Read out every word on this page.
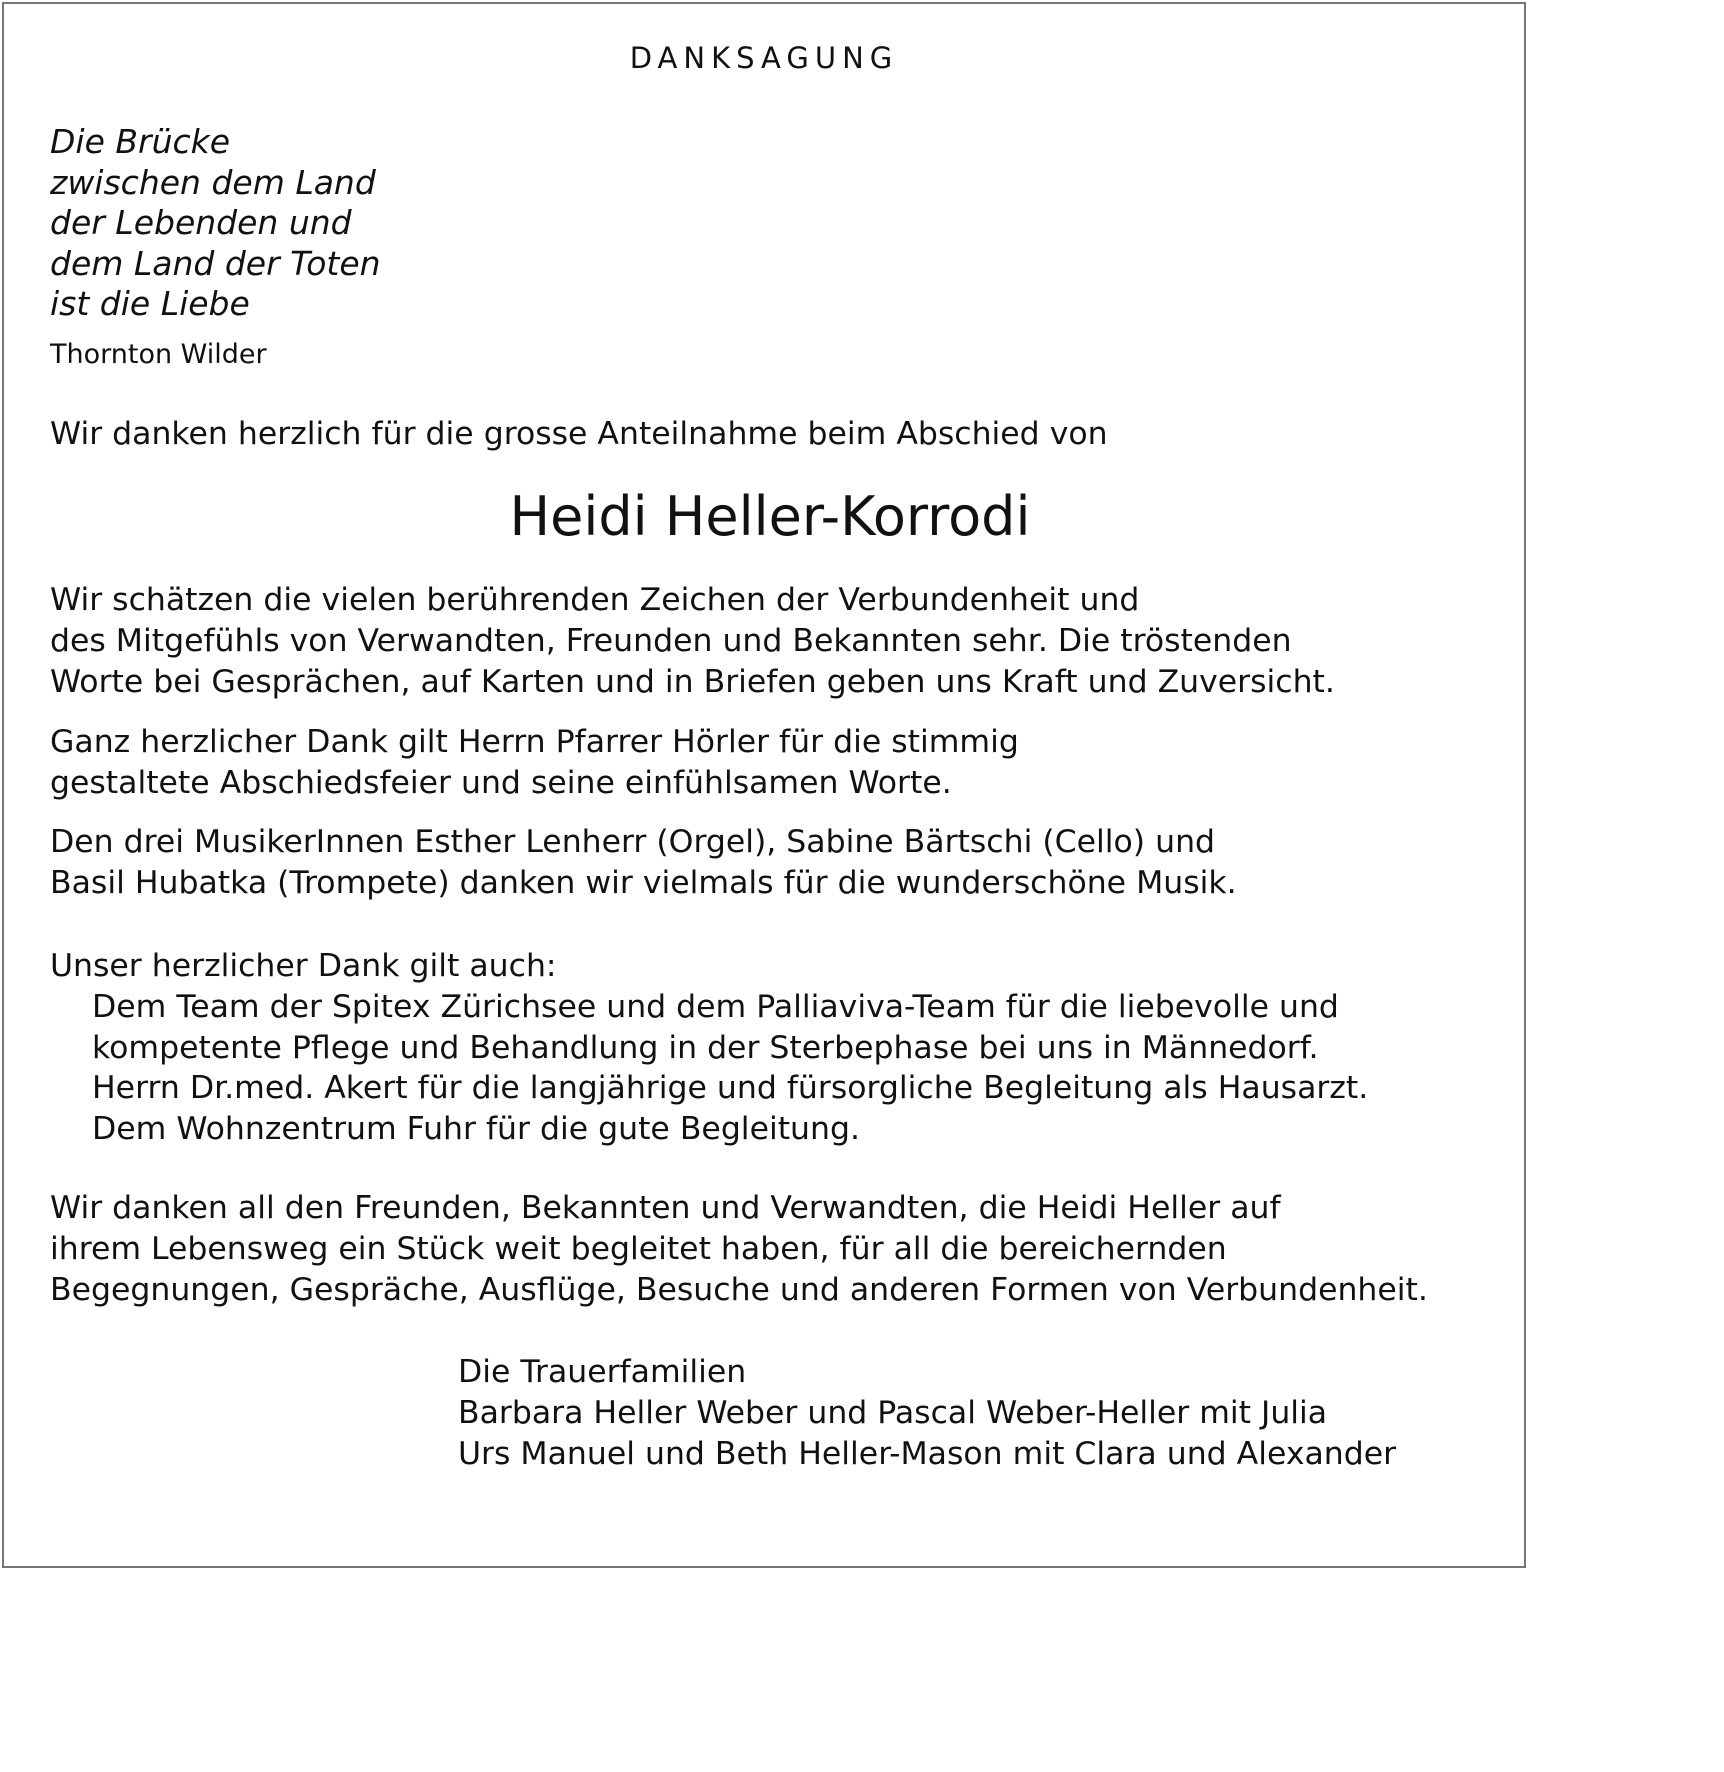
DANKSAGUNG
Die Brücke
zwischen dem Land
der Lebenden und
dem Land der Toten
ist die Liebe
Thornton Wilder
Wir danken herzlich für die grosse Anteilnahme beim Abschied von
Heidi Heller-Korrodi
Wir schätzen die vielen berührenden Zeichen der Verbundenheit und
des Mitgefühls von Verwandten, Freunden und Bekannten sehr. Die tröstenden
Worte bei Gesprächen, auf Karten und in Briefen geben uns Kraft und Zuversicht.
Ganz herzlicher Dank gilt Herrn Pfarrer Hörler für die stimmig
gestaltete Abschiedsfeier und seine einfühlsamen Worte.
Den drei MusikerInnen Esther Lenherr (Orgel), Sabine Bärtschi (Cello) und
Basil Hubatka (Trompete) danken wir vielmals für die wunderschöne Musik.
Unser herzlicher Dank gilt auch:
Dem Team der Spitex Zürichsee und dem Palliaviva-Team für die liebevolle und
kompetente Pflege und Behandlung in der Sterbephase bei uns in Männedorf.
Herrn Dr.med. Akert für die langjährige und fürsorgliche Begleitung als Hausarzt.
Dem Wohnzentrum Fuhr für die gute Begleitung.
Wir danken all den Freunden, Bekannten und Verwandten, die Heidi Heller auf
ihrem Lebensweg ein Stück weit begleitet haben, für all die bereichernden
Begegnungen, Gespräche, Ausflüge, Besuche und anderen Formen von Verbundenheit.
Die Trauerfamilien
Barbara Heller Weber und Pascal Weber-Heller mit Julia
Urs Manuel und Beth Heller-Mason mit Clara und Alexander
